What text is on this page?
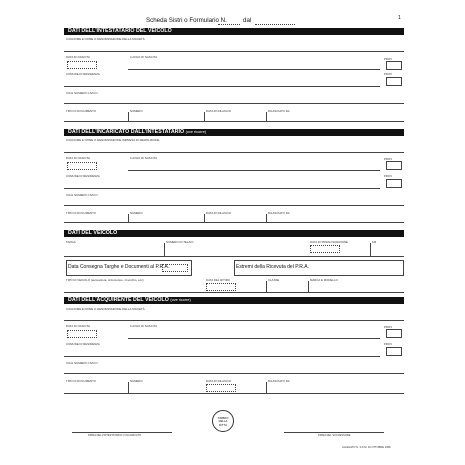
Scheda Sistri o Formulario N.	dal	1
DATI DELL'INTESTATARIO DEL VEICOLO
COGNOME E NOME O DENOMINAZIONE DELLA SOCIETÀ
DATA DI NASCITA	LUOGO DI NASCITA	PROV
COMUNE DI RESIDENZA	PROV
VIA E NUMERO CIVICO
TIPO DI DOCUMENTO	NUMERO	DATA DI RILASCIO	RILASCIATO DA
DATI DELL'INCARICATO DALL'INTESTATARIO (ove ricorre)
COGNOME E NOME O DENOMINAZIONE IMPRESA DI DEMOLIZIONE
DATA DI NASCITA	LUOGO DI NASCITA	PROV
COMUNE DI RESIDENZA	PROV
VIA E NUMERO CIVICO
TIPO DI DOCUMENTO	NUMERO	DATA DI RILASCIO	RILASCIATO DA
DATI DEL VEICOLO
TARGA	NUMERO DI TELAIO	DATA DI PRIMA ISCRIZIONE	KM
Data Consegna Targhe e Documenti al P.R.A.	Estremi della Ricevuta del P.R.A.
TIPO DI VEICOLO (autovettura, ciclomotore, rimorchio, ecc)	DATA DEL RITIRO	CLASSE	MARCA E MODELLO
DATI DELL'ACQUIRENTE DEL VEICOLO (ove ricorre)
COGNOME E NOME O DENOMINAZIONE DELLA SOCIETÀ
DATA DI NASCITA	LUOGO DI NASCITA	PROV
COMUNE DI RESIDENZA	PROV
VIA E NUMERO CIVICO
TIPO DI DOCUMENTO	NUMERO	DATA DI RILASCIO	RILASCIATO DA
TIMBRO
DELLA
DITTA
FIRMA DELL'INTESTATARIO O INCARICATO	FIRMA DEL SUCCESSORE
ALLEGATO N. 3 D.M. 16 OTTOBRE 1998
